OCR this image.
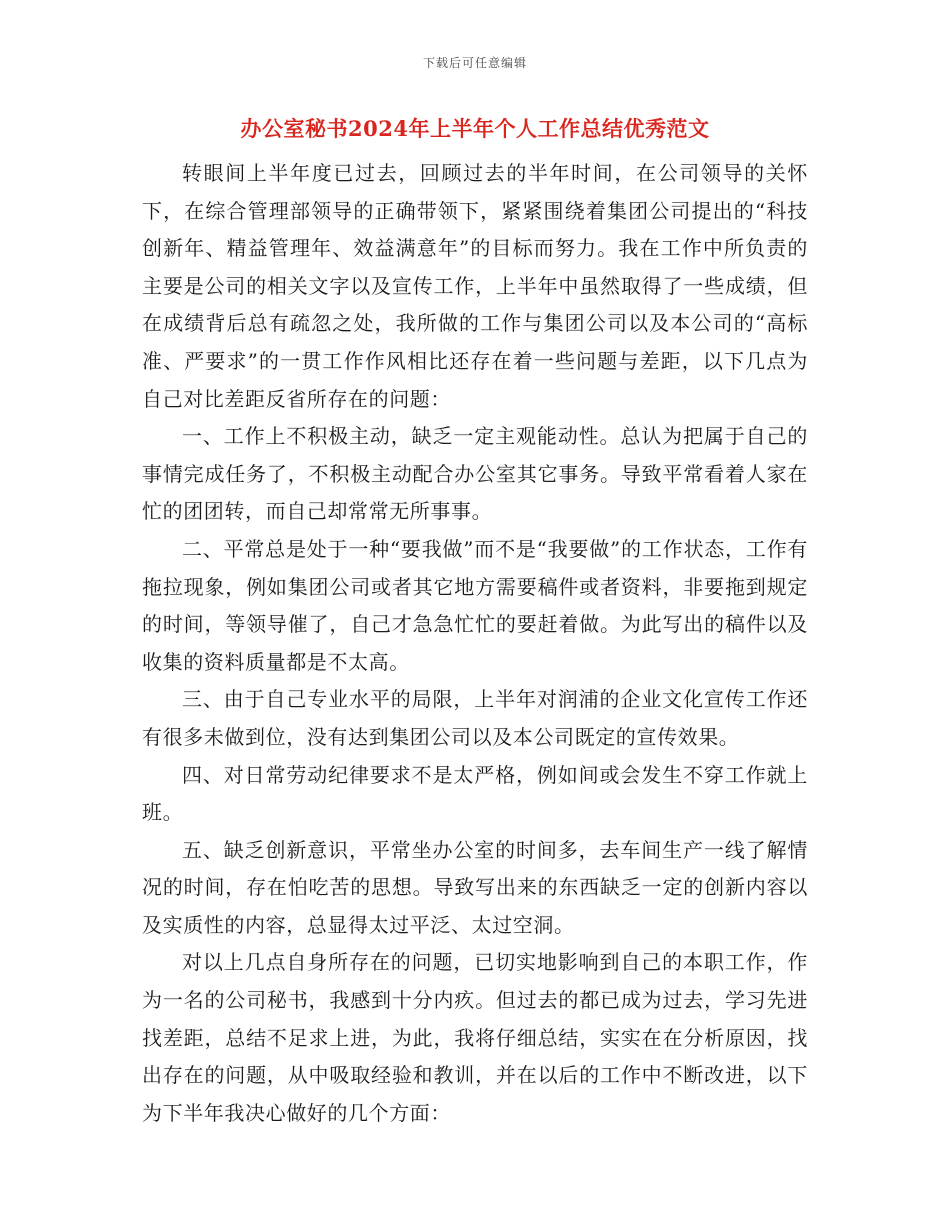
下载后可任意编辑
办公室秘书2024年上半年个人工作总结优秀范文

转眼间上半年度已过去，回顾过去的半年时间，在公司领导的关怀下，在综合管理部领导的正确带领下，紧紧围绕着集团公司提出的“科技创新年、精益管理年、效益满意年”的目标而努力。我在工作中所负责的主要是公司的相关文字以及宣传工作，上半年中虽然取得了一些成绩，但在成绩背后总有疏忽之处，我所做的工作与集团公司以及本公司的“高标准、严要求”的一贯工作作风相比还存在着一些问题与差距，以下几点为自己对比差距反省所存在的问题：

一、工作上不积极主动，缺乏一定主观能动性。总认为把属于自己的事情完成任务了，不积极主动配合办公室其它事务。导致平常看着人家在忙的团团转，而自己却常常无所事事。

二、平常总是处于一种“要我做”而不是“我要做”的工作状态，工作有拖拉现象，例如集团公司或者其它地方需要稿件或者资料，非要拖到规定的时间，等领导催了，自己才急急忙忙的要赶着做。为此写出的稿件以及收集的资料质量都是不太高。

三、由于自己专业水平的局限，上半年对润浦的企业文化宣传工作还有很多未做到位，没有达到集团公司以及本公司既定的宣传效果。

四、对日常劳动纪律要求不是太严格，例如间或会发生不穿工作就上班。

五、缺乏创新意识，平常坐办公室的时间多，去车间生产一线了解情况的时间，存在怕吃苦的思想。导致写出来的东西缺乏一定的创新内容以及实质性的内容，总显得太过平泛、太过空洞。

对以上几点自身所存在的问题，已切实地影响到自己的本职工作，作为一名的公司秘书，我感到十分内疚。但过去的都已成为过去，学习先进找差距，总结不足求上进，为此，我将仔细总结，实实在在分析原因，找出存在的问题，从中吸取经验和教训，并在以后的工作中不断改进，以下为下半年我决心做好的几个方面：
